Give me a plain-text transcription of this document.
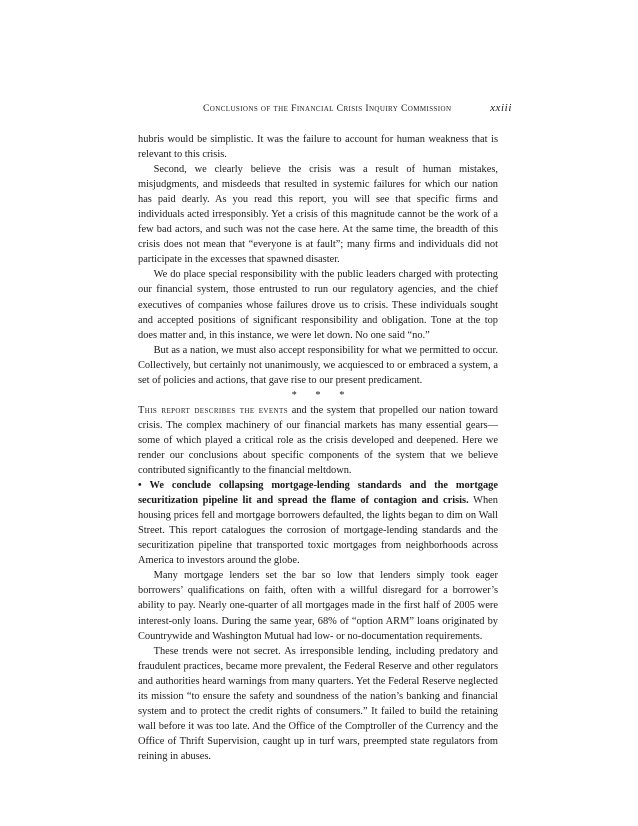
Conclusions of the Financial Crisis Inquiry Commission	xxiii

hubris would be simplistic. It was the failure to account for human weakness that is relevant to this crisis.

Second, we clearly believe the crisis was a result of human mistakes, misjudgments, and misdeeds that resulted in systemic failures for which our nation has paid dearly. As you read this report, you will see that specific firms and individuals acted irresponsibly. Yet a crisis of this magnitude cannot be the work of a few bad actors, and such was not the case here. At the same time, the breadth of this crisis does not mean that “everyone is at fault”; many firms and individuals did not participate in the excesses that spawned disaster.

We do place special responsibility with the public leaders charged with protecting our financial system, those entrusted to run our regulatory agencies, and the chief executives of companies whose failures drove us to crisis. These individuals sought and accepted positions of significant responsibility and obligation. Tone at the top does matter and, in this instance, we were let down. No one said “no.”

But as a nation, we must also accept responsibility for what we permitted to occur. Collectively, but certainly not unanimously, we acquiesced to or embraced a system, a set of policies and actions, that gave rise to our present predicament.

* * *

This report describes the events and the system that propelled our nation toward crisis. The complex machinery of our financial markets has many essential gears—some of which played a critical role as the crisis developed and deepened. Here we render our conclusions about specific components of the system that we believe contributed significantly to the financial meltdown.

• We conclude collapsing mortgage-lending standards and the mortgage securitization pipeline lit and spread the flame of contagion and crisis. When housing prices fell and mortgage borrowers defaulted, the lights began to dim on Wall Street. This report catalogues the corrosion of mortgage-lending standards and the securitization pipeline that transported toxic mortgages from neighborhoods across America to investors around the globe.

Many mortgage lenders set the bar so low that lenders simply took eager borrowers’ qualifications on faith, often with a willful disregard for a borrower’s ability to pay. Nearly one-quarter of all mortgages made in the first half of 2005 were interest-only loans. During the same year, 68% of “option ARM” loans originated by Countrywide and Washington Mutual had low- or no-documentation requirements.

These trends were not secret. As irresponsible lending, including predatory and fraudulent practices, became more prevalent, the Federal Reserve and other regulators and authorities heard warnings from many quarters. Yet the Federal Reserve neglected its mission “to ensure the safety and soundness of the nation’s banking and financial system and to protect the credit rights of consumers.” It failed to build the retaining wall before it was too late. And the Office of the Comptroller of the Currency and the Office of Thrift Supervision, caught up in turf wars, preempted state regulators from reining in abuses.
